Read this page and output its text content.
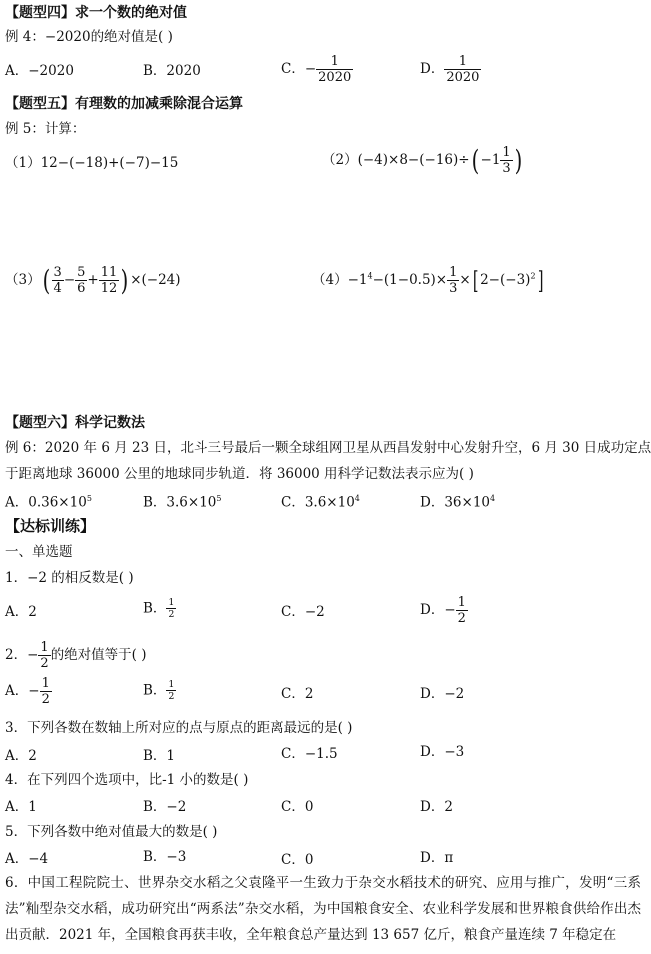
【题型四】求一个数的绝对值
例 4：−2020的绝对值是( )
A．−2020	B．2020	C．− $\frac{1}{2020}$	D． $\frac{1}{2020}$
【题型五】有理数的加减乘除混合运算
例 5：计算：
（1）12−(−18)+(−7)−15	$(2)(-4)\times 8-(-16)\div( -1 \frac{1}{3}$ )
$(3)( \frac{3}{4} - \frac{5}{6} + \frac{11}{12}$ ) ×(−24)	$(4)-1^4-(1-0.5)\times \frac{1}{3}$ ×[ $2-(-3)^2$]
【题型六】科学记数法
例 6：2020 年 6 月 23 日，北斗三号最后一颗全球组网卫星从西昌发射中心发射升空，6 月 30 日成功定点
于距离地球 36000 公里的地球同步轨道．将 36000 用科学记数法表示应为( )
A．$0.36\times 10^5$	B．$3.6\times 10^5$	C．$3.6\times 10^4$	D．$36\times 10^4$
【达标训练】
一、单选题
1．−2 的相反数是( )
A．2	B． $\frac{1}{2}$	C．−2	D．− $\frac{1}{2}$
2．− $\frac{1}{2}$ 的绝对值等于( )
A．− $\frac{1}{2}$	B． $\frac{1}{2}$	C．2	D．−2
3．下列各数在数轴上所对应的点与原点的距离最远的是( )
A．2	B．1	C．−1.5	D．−3
4．在下列四个选项中，比-1 小的数是( )
A．1	B．−2	C．0	D．2
5．下列各数中绝对值最大的数是( )
A．−4	B．−3	C．0	D．π
6．中国工程院院士、世界杂交水稻之父袁隆平一生致力于杂交水稻技术的研究、应用与推广，发明“三系法”籼型杂交水稻，成功研究出“两系法”杂交水稻，为中国粮食安全、农业科学发展和世界粮食供给作出杰出贡献．2021 年，全国粮食再获丰收，全年粮食总产量达到 13 657 亿斤，粮食产量连续 7 年稳定在
